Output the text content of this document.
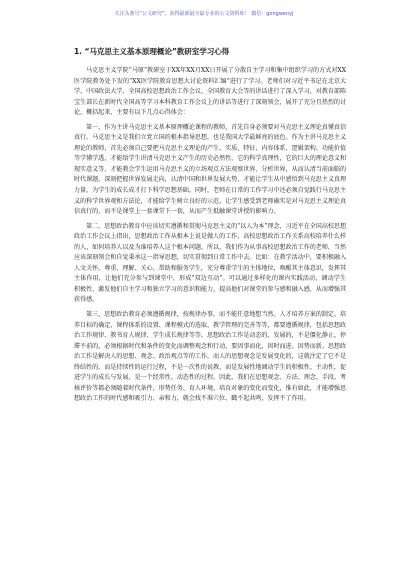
关注头条号“公文研究”，获得最新最全最专业的公文资料库！ 微信：gongwenyj
1. “马克思主义基本原理概论”教研室学习心得

马克思主义学院“马原”教研室于XX年XX月XX日开展了分散自主学习和集中组织学习的方式对XX医学院教务处下发的“XX医学院教育思想大讨论资料汇编”进行了学习。老师们对习近平书记在北京大学、中国政法大学、全国高校思想政治工作会议、全国教育大会等的讲话进行了深入学习，对教育部陈宝生部长在新时代全国高等学习本科教育工作会议上的讲话等进行了深刻领会，展开了充分且热烈的讨论，概括起来，主要有以下几点心得体会：

第一，作为主讲马克思主义基本原理概论课程的教师，首先自身必须要对马克思主义理论真懂真信真行。马克思主义是我们立党立国的根本指导思想，也是我国大学最鲜亮的底色。作为主讲马克思主义理论的教师，首先必须自己要把马克思主义理论的产生、实质、特征、内容体系、逻辑架构、功能价值等学懂学透，才能给学生讲清马克思主义产生的历史必然性，它的科学真理性，它的巨大的理论意义和现实意义等，才能教会学生运用马克思主义的立场观点方法观察世界、分析世界，从而认清当前面临的时代课题，深刻把握世界发展走向，认清中国和世界发展大势，才能让学生从中感悟到马克思主义真理力量，为学生的成长成才打下科学思想基础。同时，老师在日常的工作学习中还必须自觉践行马克思主义的科学世界观和方法论，才能给学生树立良好的示范，让学生感受到老师确实是对马克思主义理论真信真行的，而不是课堂上一套课堂下一套，从而产生抵触课堂讲授的影响力。

第二，思想政治教育中应该切实遵循和贯彻马克思主义的“以人为本”理念，习近平在全国高校思想政治工作会议上指出，思想政治工作从根本上说是做人的工作，高校思想政治工作关系高校培养什么样的人、如何培养人以及为谁培养人这个根本问题。所以，我们作为从事高校思想政治工作的老师，当然应该深刻领会和自觉秉承这一指导思想，切实贯彻到日常工作中去。比如：在教学活动中，要积极融入人文关怀，尊重、理解、关心、帮助和服务学生，充分尊重学生的主体地位，唤醒其主体意识，发挥其主体作用，让他们充分参与到课堂中，形成“双边互动”。可以通过多样化的课内实践活动，调动学生积极性，激发他们自主学习和独立学习的意识和能力，提高他们对课堂的参与感和融入感，从而增强其获得感。

第三，思想政治教育必须遵循规律，按规律办事，而不能任意地想当然。人才培养方案的制定、培养目标的确定、课程体系的设置、课程模式的选取、教学管理的完善等等，都要遵循规律，包括思想政治工作规律、教书育人规律、学生成长规律等等。思想政治工作是动态的、发展的，不是僵化静止、停滞不前的，必须根据时代和条件的变化而调整观念和行动，要因事而化、因时而进、因势而新。思想政治工作是解决人的思想、观念、政治观点等的工作，而人的思想观念是发展变化的，这就注定了它不是终结性的，而是持续性的运行过程，不是一次性的说教，而是发展性地调动学生的积极性、主动性，促进学生的成长与发展，是一个经常性、动态性的过程。因此，我们在思想观念、方法、理念、手段、考核评价等都必须随着时代条件、形势任务、育人环境、培育对象的变化而变化，惟有如此，才能增强思想政治工作的时代感和吸引力、亲和力，就会找不准穴位、戳不起共鸣，发挥不了作用。
